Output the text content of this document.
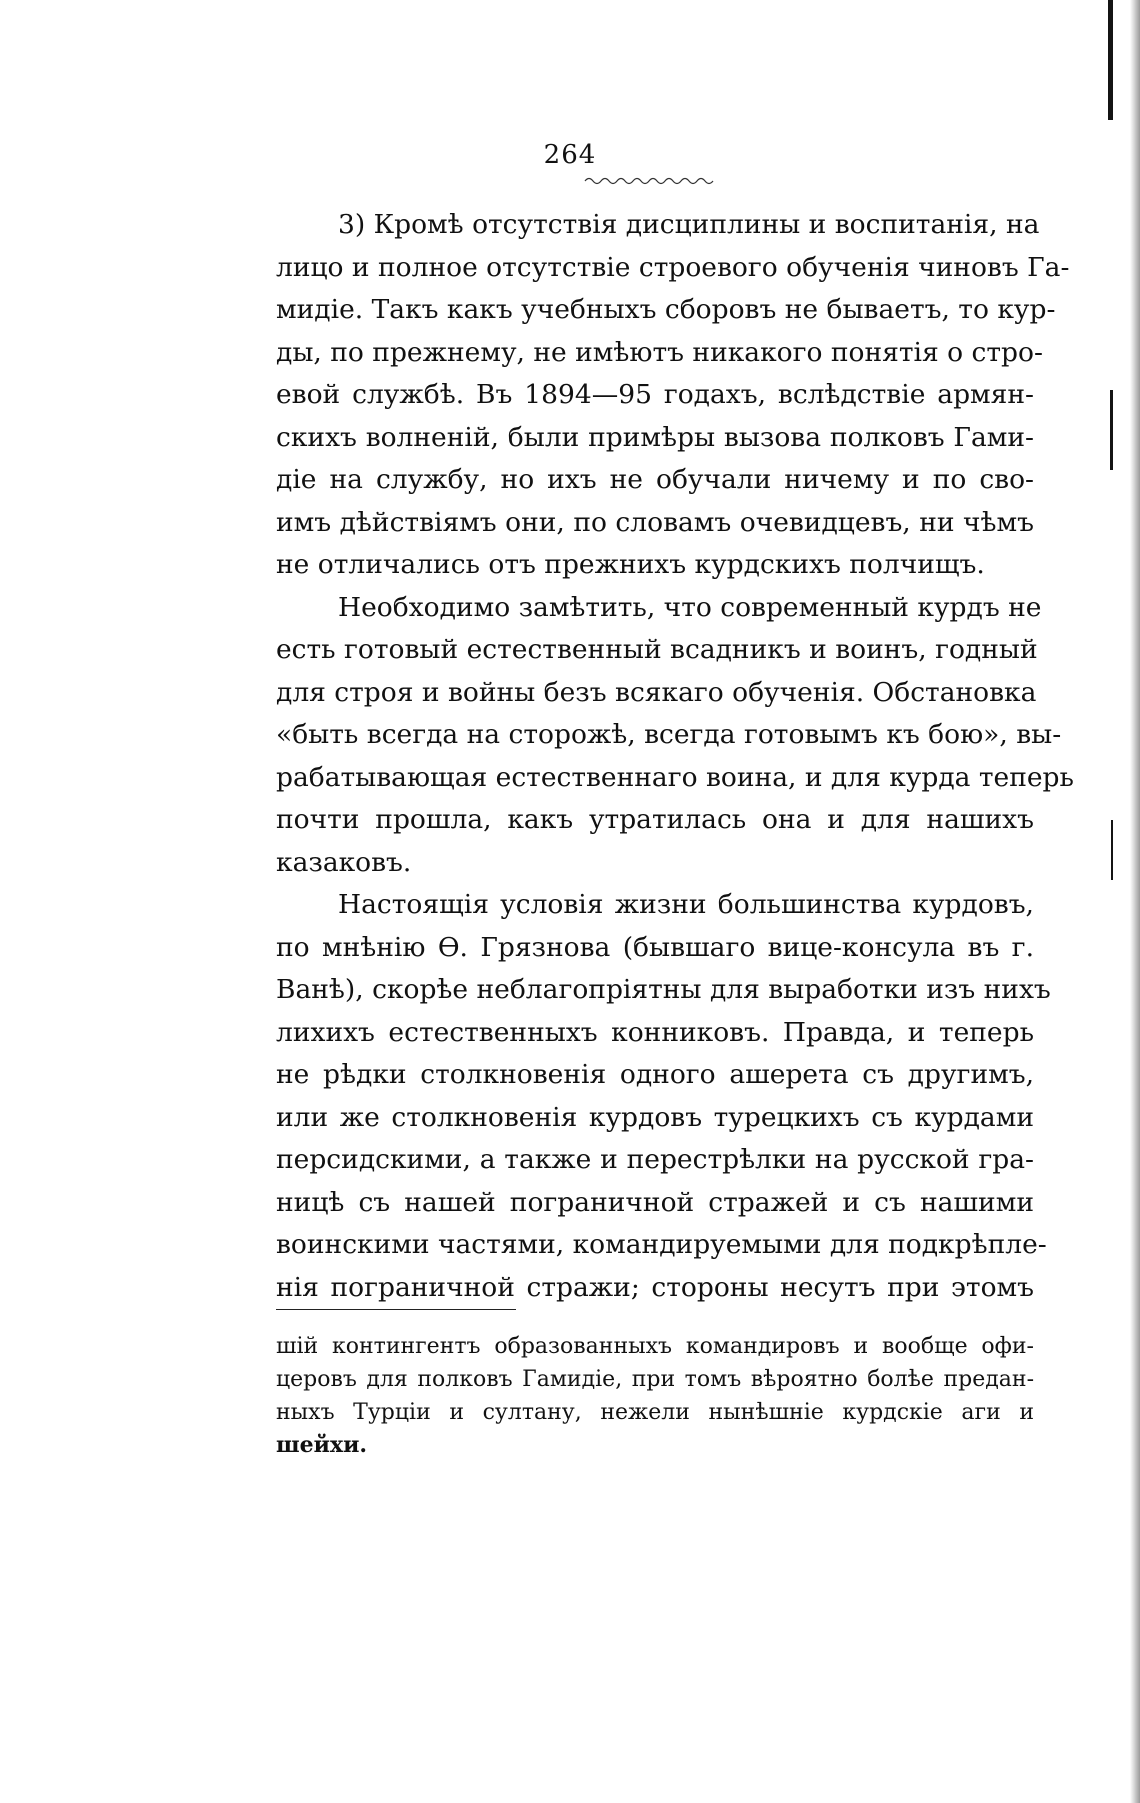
264
3) Кромѣ отсутствія дисциплины и воспитанія, на
лицо и полное отсутствіе строевого обученія чиновъ Га-
мидіе. Такъ какъ учебныхъ сборовъ не бываетъ, то кур-
ды, по прежнему, не имѣютъ никакого понятія о стро-
евой службѣ. Въ 1894—95 годахъ, вслѣдствіе армян-
скихъ волненій, были примѣры вызова полковъ Гами-
діе на службу, но ихъ не обучали ничему и по сво-
имъ дѣйствіямъ они, по словамъ очевидцевъ, ни чѣмъ
не отличались отъ прежнихъ курдскихъ полчищъ.
Необходимо замѣтить, что современный курдъ не
есть готовый естественный всадникъ и воинъ, годный
для строя и войны безъ всякаго обученія. Обстановка
«быть всегда на сторожѣ, всегда готовымъ къ бою», вы-
рабатывающая естественнаго воина, и для курда теперь
почти прошла, какъ утратилась она и для нашихъ
казаковъ.
Настоящія условія жизни большинства курдовъ,
по мнѣнію Ѳ. Грязнова (бывшаго вице-консула въ г.
Ванѣ), скорѣе неблагопріятны для выработки изъ нихъ
лихихъ естественныхъ конниковъ. Правда, и теперь
не рѣдки столкновенія одного ашерета съ другимъ,
или же столкновенія курдовъ турецкихъ съ курдами
персидскими, а также и перестрѣлки на русской гра-
ницѣ съ нашей пограничной стражей и съ нашими
воинскими частями, командируемыми для подкрѣпле-
нія пограничной стражи; стороны несутъ при этомъ
шій контингентъ образованныхъ командировъ и вообще офи-
церовъ для полковъ Гамидіе, при томъ вѣроятно болѣе предан-
ныхъ Турціи и султану, нежели нынѣшніе курдскіе аги и
шейхи.
